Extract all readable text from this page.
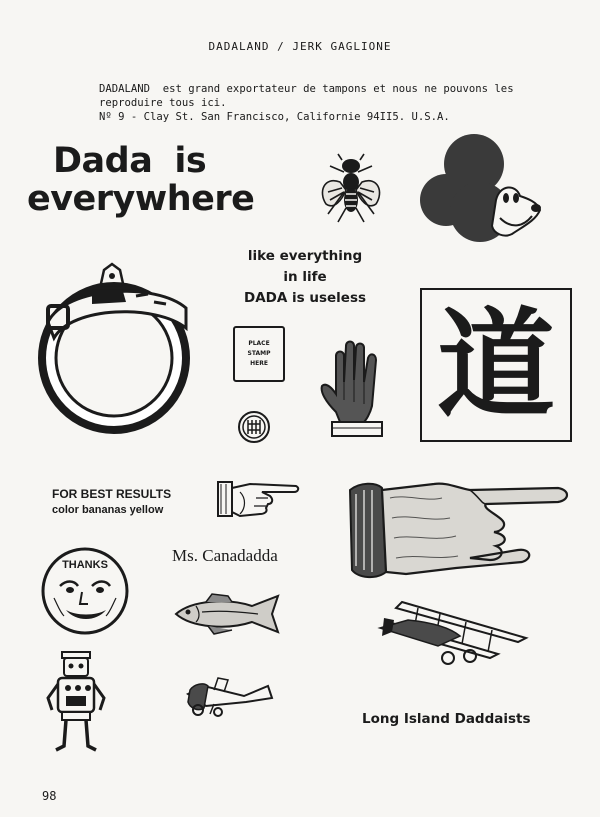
DADALAND / JERK GAGLIONE
DADALAND  est grand exportateur de tampons et nous ne pouvons les
reproduire tous ici.
Nº 9 - Clay St. San Francisco, Californie 94II5. U.S.A.
Dada is
everywhere
like everything
in life
DADA is useless
PLACE
STAMP
HERE 道
FOR BEST RESULTS
color bananas yellow
THANKS	Ms. Canadadda
Long Island Daddaists
98
